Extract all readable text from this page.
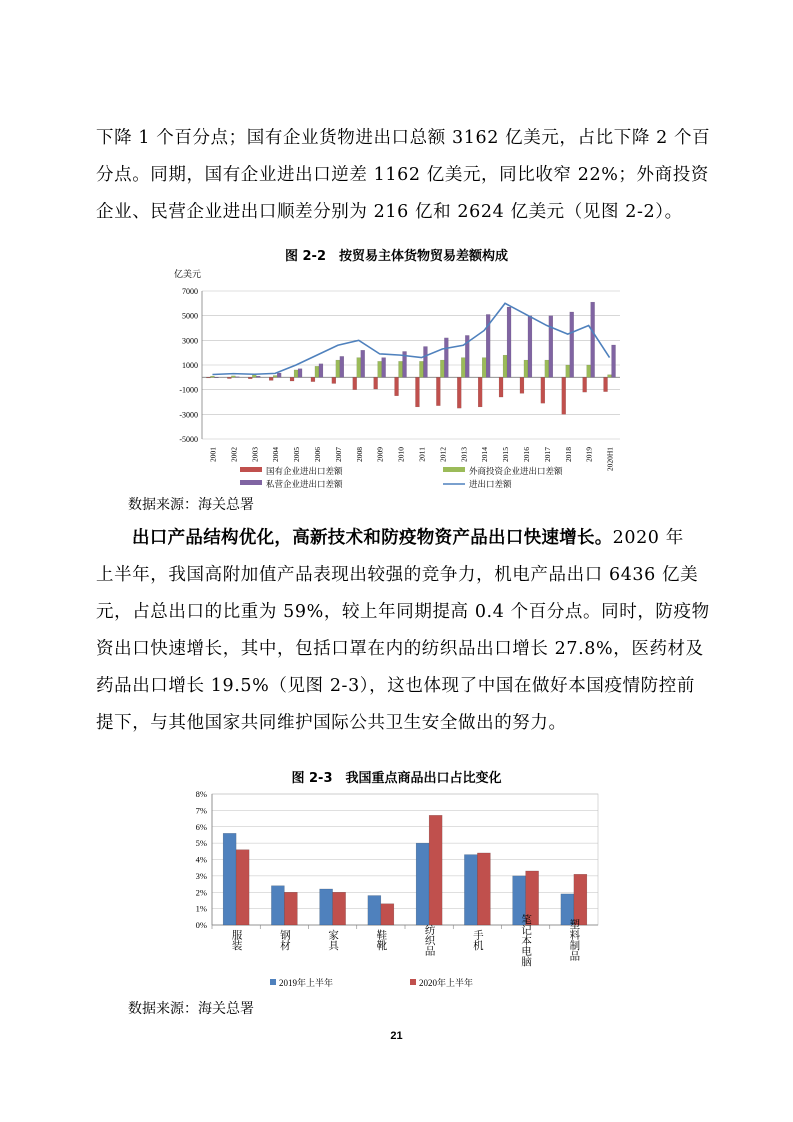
下降 1 个百分点；国有企业货物进出口总额 3162 亿美元，占比下降 2 个百
分点。同期，国有企业进出口逆差 1162 亿美元，同比收窄 22%；外商投资
企业、民营企业进出口顺差分别为 216 亿和 2624 亿美元（见图 2-2）。
图 2-2　按贸易主体货物贸易差额构成
亿美元
7000
5000
3000
1000
-1000
-3000
-5000
2001 2002 2003 2004 2005 2006 2007 2008 2009 2010 2011 2012 2013 2014 2015 2016 2017 2018 2019 2020H1
国有企业进出口差额	外商投资企业进出口差额
私营企业进出口差额	进出口差额
数据来源：海关总署
出口产品结构优化，高新技术和防疫物资产品出口快速增长。2020 年
上半年，我国高附加值产品表现出较强的竞争力，机电产品出口 6436 亿美
元，占总出口的比重为 59%，较上年同期提高 0.4 个百分点。同时，防疫物
资出口快速增长，其中，包括口罩在内的纺织品出口增长 27.8%，医药材及
药品出口增长 19.5%（见图 2-3），这也体现了中国在做好本国疫情防控前
提下，与其他国家共同维护国际公共卫生安全做出的努力。
图 2-3　我国重点商品出口占比变化
0%
1%
2%
3%
4%
5%
6%
7%
8%
服装	钢材	家具	鞋靴	纺织品	手机	笔记本电脑	塑料制品
2019年上半年	2020年上半年
数据来源：海关总署
21
